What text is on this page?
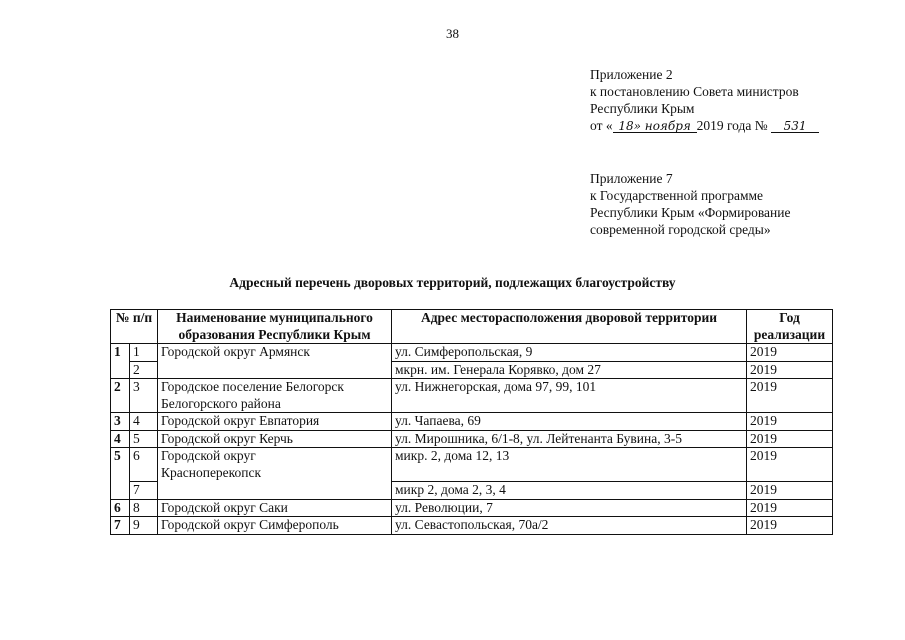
38
Приложение 2
к постановлению Совета министров
Республики Крым
от « 18» ноября 2019 года № 531
Приложение 7
к Государственной программе
Республики Крым «Формирование
современной городской среды»
Адресный перечень дворовых территорий, подлежащих благоустройству
№ п/п		Наименование муниципального образования Республики Крым	Адрес месторасположения дворовой территории	Год реализации
1	1	Городской округ Армянск	ул. Симферопольская, 9	2019
	2		мкрн. им. Генерала Корявко, дом 27	2019
2	3	Городское поселение Белогорск Белогорского района	ул. Нижнегорская, дома 97, 99, 101	2019
3	4	Городской округ Евпатория	ул. Чапаева, 69	2019
4	5	Городской округ Керчь	ул. Мирошника, 6/1-8, ул. Лейтенанта Бувина, 3-5	2019
5	6	Городской округ Красноперекопск	микр. 2, дома 12, 13	2019
	7		микр 2, дома 2, 3, 4	2019
6	8	Городской округ Саки	ул. Революции, 7	2019
7	9	Городской округ Симферополь	ул. Севастопольская, 70а/2	2019
